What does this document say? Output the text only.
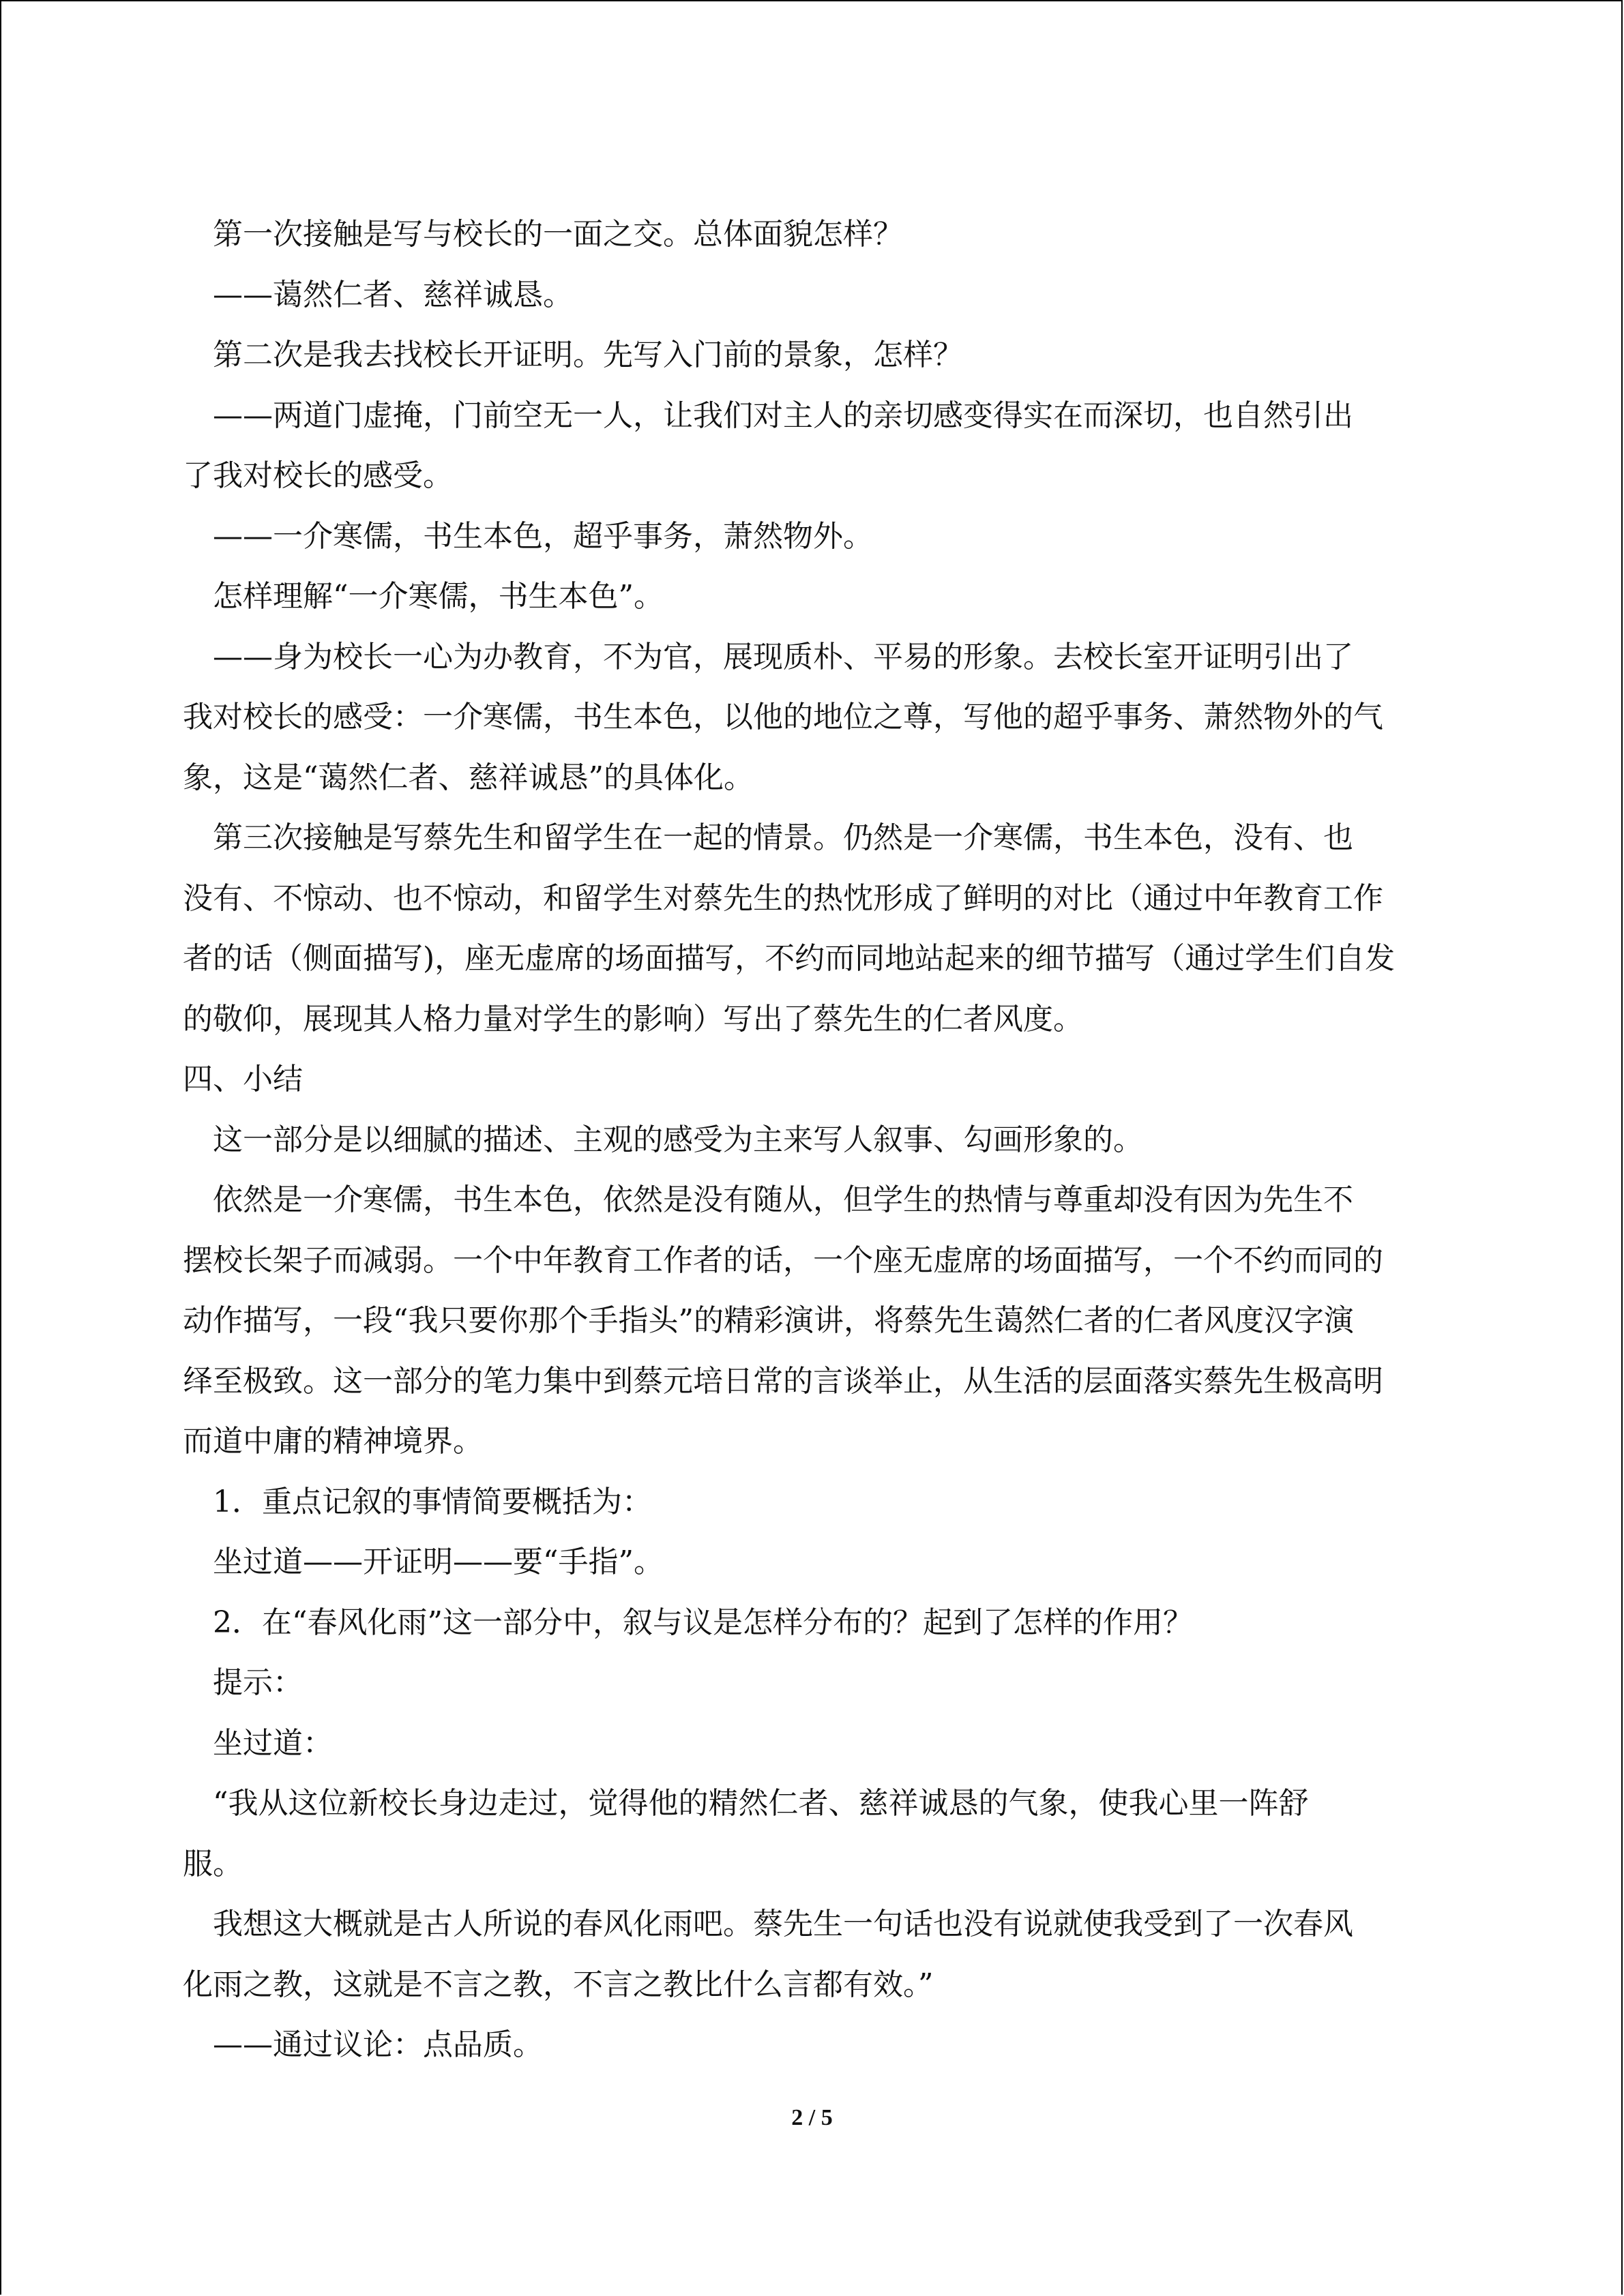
第一次接触是写与校长的一面之交。总体面貌怎样？

——蔼然仁者、慈祥诚恳。

第二次是我去找校长开证明。先写入门前的景象，怎样？

——两道门虚掩，门前空无一人，让我们对主人的亲切感变得实在而深切，也自然引出

了我对校长的感受。

——一介寒儒，书生本色，超乎事务，萧然物外。

怎样理解“一介寒儒，书生本色”。

——身为校长一心为办教育，不为官，展现质朴、平易的形象。去校长室开证明引出了

我对校长的感受：一介寒儒，书生本色，以他的地位之尊，写他的超乎事务、萧然物外的气

象，这是“蔼然仁者、慈祥诚恳”的具体化。

第三次接触是写蔡先生和留学生在一起的情景。仍然是一介寒儒，书生本色，没有、也

没有、不惊动、也不惊动，和留学生对蔡先生的热忱形成了鲜明的对比（通过中年教育工作

者的话（侧面描写)，座无虚席的场面描写，不约而同地站起来的细节描写（通过学生们自发

的敬仰，展现其人格力量对学生的影响）写出了蔡先生的仁者风度。

四、小结

这一部分是以细腻的描述、主观的感受为主来写人叙事、勾画形象的。

依然是一介寒儒，书生本色，依然是没有随从，但学生的热情与尊重却没有因为先生不

摆校长架子而减弱。一个中年教育工作者的话，一个座无虚席的场面描写，一个不约而同的

动作描写，一段“我只要你那个手指头”的精彩演讲，将蔡先生蔼然仁者的仁者风度汉字演

绎至极致。这一部分的笔力集中到蔡元培日常的言谈举止，从生活的层面落实蔡先生极高明

而道中庸的精神境界。

1．重点记叙的事情简要概括为：

坐过道——开证明——要“手指”。

2．在“春风化雨”这一部分中，叙与议是怎样分布的？起到了怎样的作用？

提示：

坐过道：

“我从这位新校长身边走过，觉得他的精然仁者、慈祥诚恳的气象，使我心里一阵舒

服。

我想这大概就是古人所说的春风化雨吧。蔡先生一句话也没有说就使我受到了一次春风

化雨之教，这就是不言之教，不言之教比什么言都有效。”

——通过议论：点品质。

2 / 5
